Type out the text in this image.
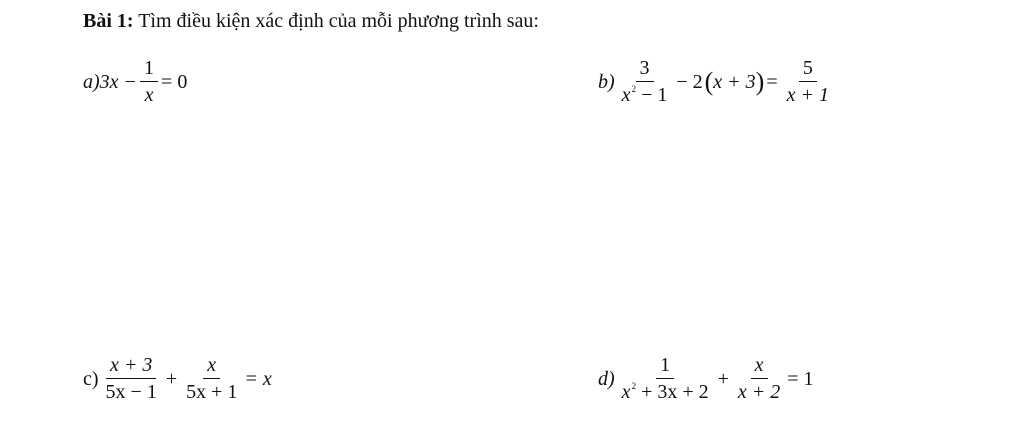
Bài 1: Tìm điều kiện xác định của mỗi phương trình sau:
a) $3x - \frac{1}{x} = 0$	$b) \frac{3}{x^2 - 1} - 2$ ( x + 3 ) = $\frac{5}{x + 1}$
$c) \frac{x + 3}{5x - 1} + \frac{x}{5x + 1} = x$	$d) \frac{1}{x^2 + 3x + 2} + \frac{x}{x + 2} = 1$
